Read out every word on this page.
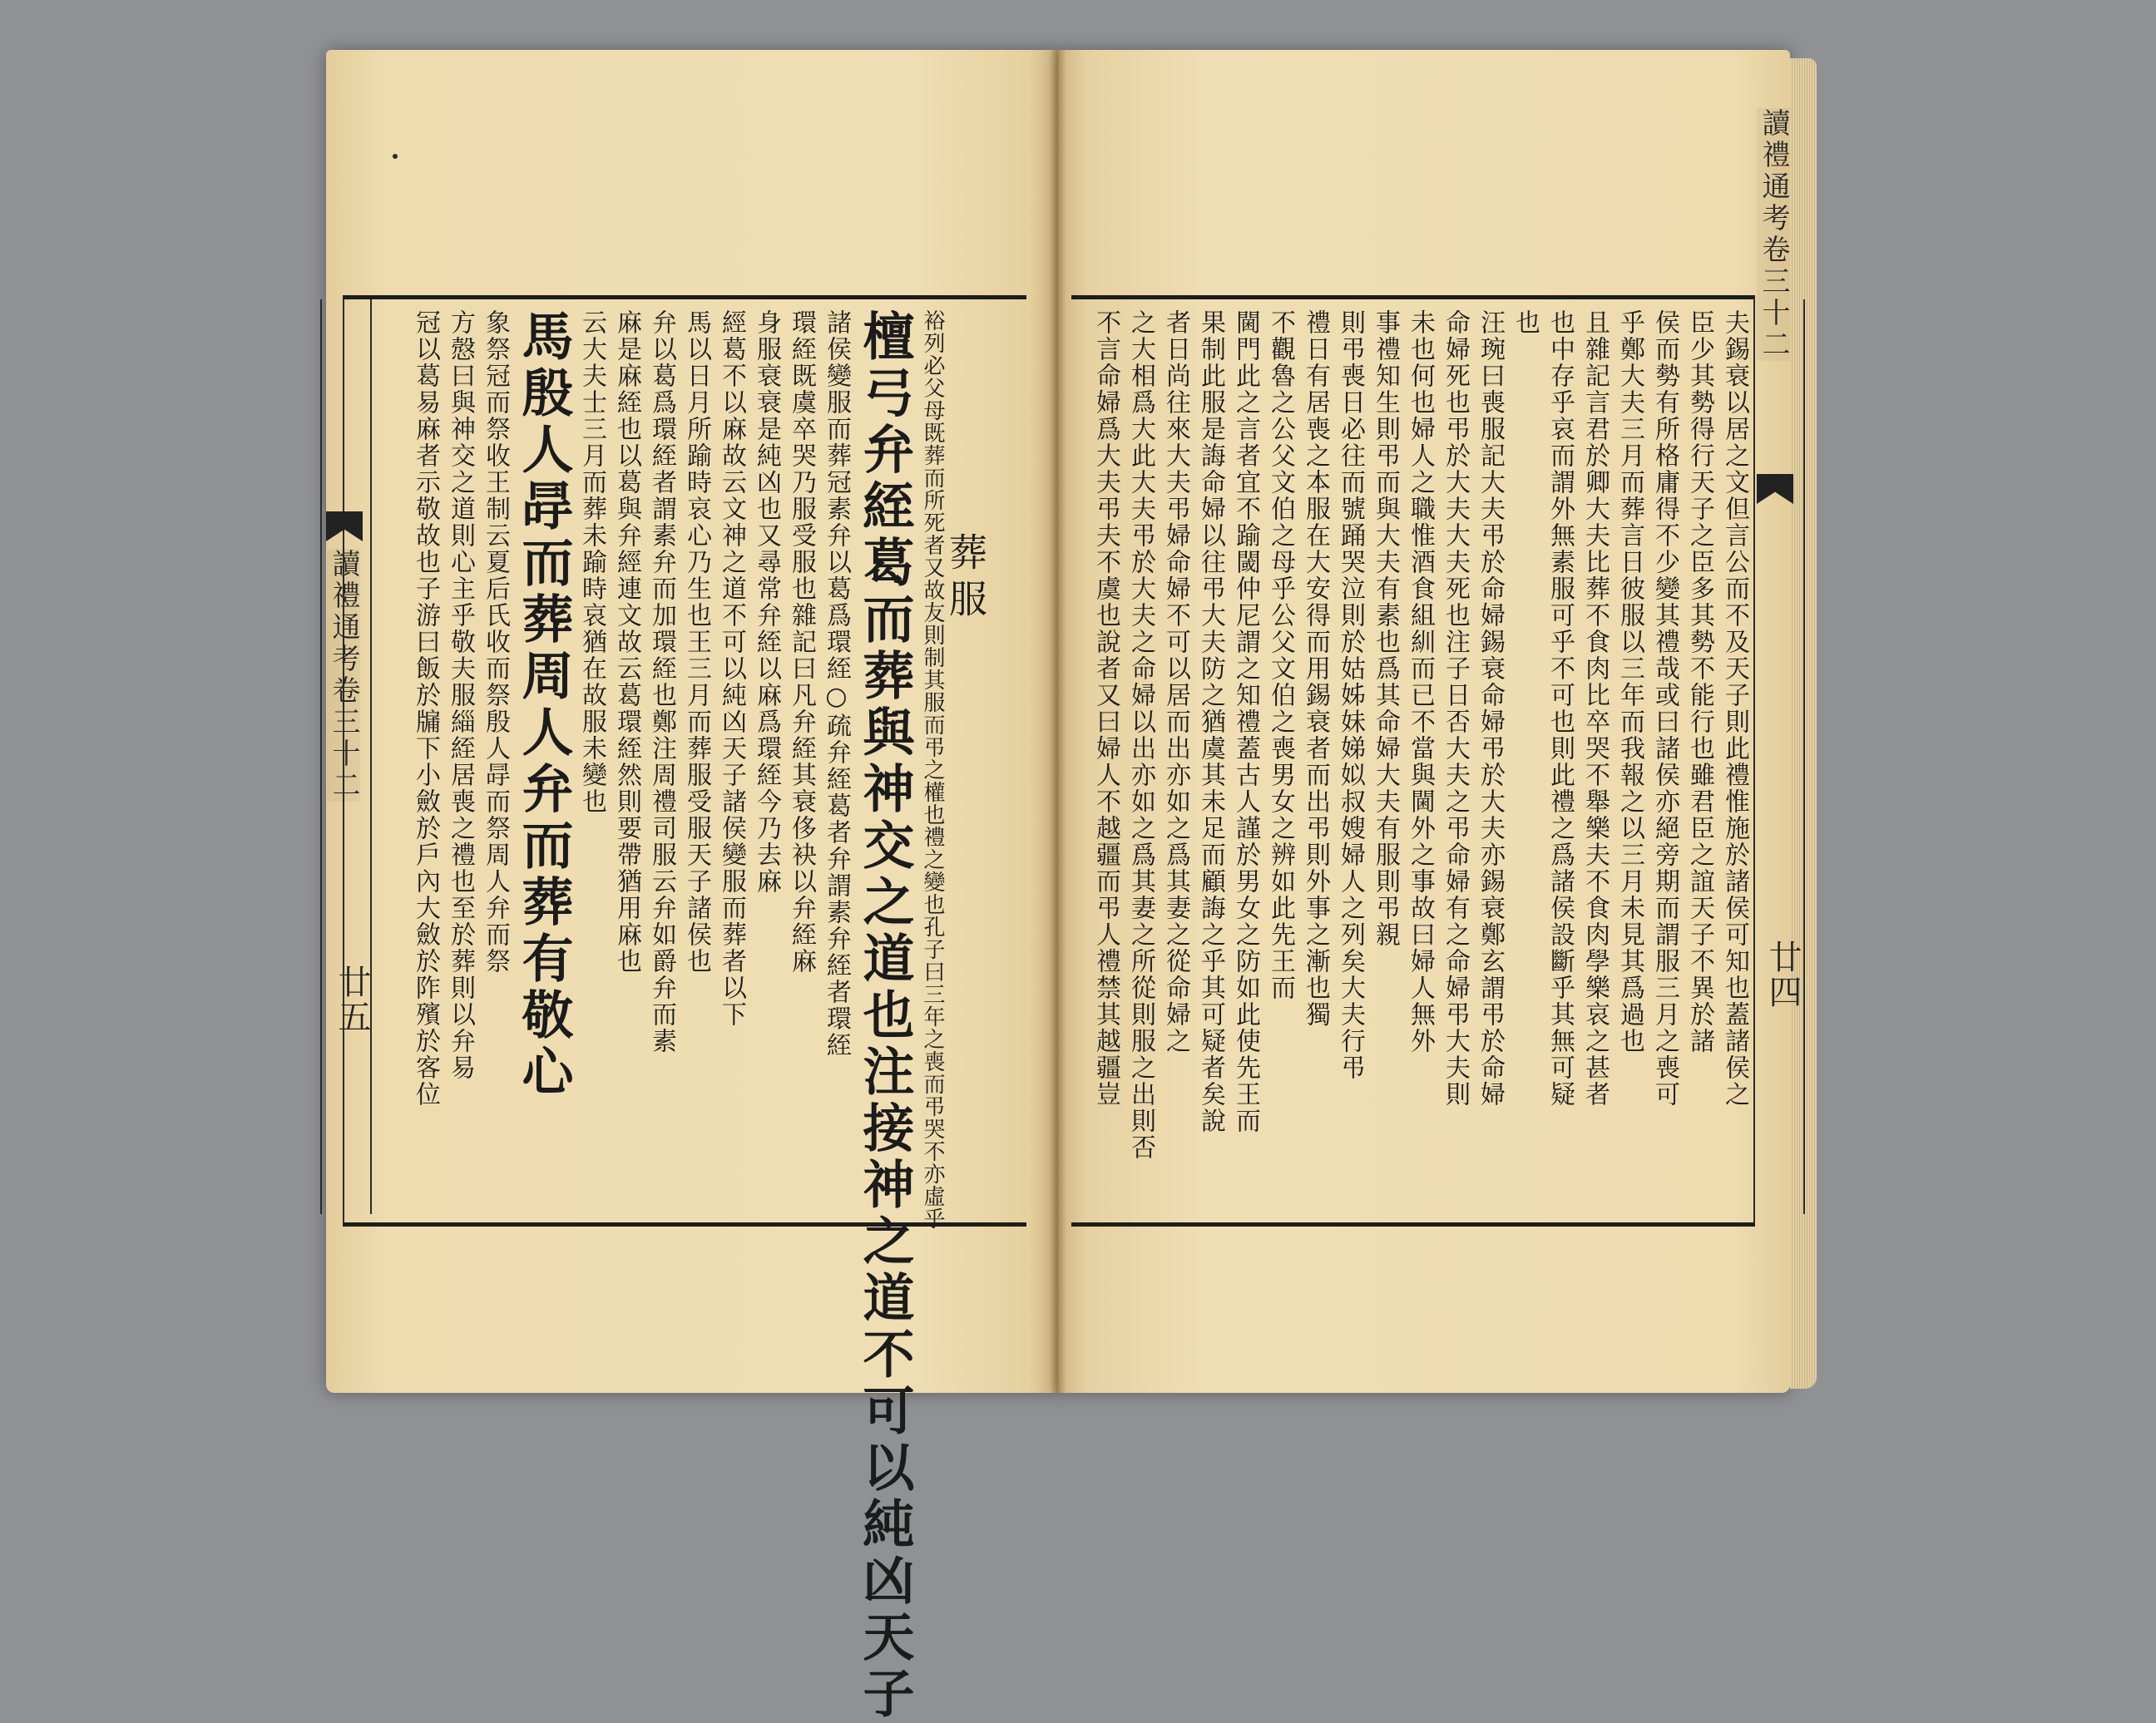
讀禮通考卷三十二
讀禮通考卷三十二
廿五	廿四
葬服
裕列必父母既葬而所死者又故友則制其服而弔之權也禮之變也孔子曰三年之喪而弔哭不亦虛乎
檀弓弁絰葛而葬與神交之道也注接神之道不可以純凶天子
諸侯變服而葬冠素弁以葛爲環絰○疏弁絰葛者弁謂素弁絰者環絰
環絰既虞卒哭乃服受服也雜記曰凡弁絰其衰侈袂以弁絰麻
身服衰衰是純凶也又尋常弁絰以麻爲環絰今乃去麻
經葛不以麻故云文神之道不可以純凶天子諸侯變服而葬者以下
馬以日月所踰時哀心乃生也王三月而葬服受服天子諸侯也
弁以葛爲環絰者謂素弁而加環絰也鄭注周禮司服云弁如爵弁而素
麻是麻絰也以葛與弁經連文故云葛環絰然則要帶猶用麻也
云大夫士三月而葬未踰時哀猶在故服未變也
馬殷人冔而葬周人弁而葬有敬心
象祭冠而祭收王制云夏后氏收而祭殷人冔而祭周人弁而祭
方慤曰與神交之道則心主乎敬夫服緇絰居喪之禮也至於葬則以弁易
冠以葛易麻者示敬故也子游曰飯於牖下小斂於戶內大斂於阼殯於客位	夫錫衰以居之文但言公而不及天子則此禮惟施於諸侯可知也蓋諸侯之
臣少其勢得行天子之臣多其勢不能行也雖君臣之誼天子不異於諸
侯而勢有所格庸得不少變其禮哉或曰諸侯亦絕旁期而謂服三月之喪可
乎鄭大夫三月而葬言日彼服以三年而我報之以三月未見其爲過也
且雜記言君於卿大夫比葬不食肉比卒哭不舉樂夫不食肉學樂哀之甚者
也中存乎哀而謂外無素服可乎不可也則此禮之爲諸侯設斷乎其無可疑
也
汪琬曰喪服記大夫弔於命婦錫衰命婦弔於大夫亦錫衰鄭玄謂弔於命婦
命婦死也弔於大夫大夫死也注子日否大夫之弔命婦有之命婦弔大夫則
未也何也婦人之職惟酒食組紃而已不當與閫外之事故曰婦人無外
事禮知生則弔而與大夫有素也爲其命婦大夫有服則弔親
則弔喪日必往而號踊哭泣則於姑姊妹娣姒叔嫂婦人之列矣大夫行弔
禮日有居喪之本服在大安得而用錫衰者而出弔則外事之漸也獨
不觀魯之公父文伯之母乎公父文伯之喪男女之辨如此先王而
閫門此之言者宜不踰閾仲尼謂之知禮蓋古人謹於男女之防如此使先王而
果制此服是誨命婦以往弔大夫防之猶虞其未足而顧誨之乎其可疑者矣說
者日尚往來大夫弔婦命婦不可以居而出亦如之爲其妻之從命婦之
之大相爲大此大夫弔於大夫之命婦以出亦如之爲其妻之所從則服之出則否
不言命婦爲大夫弔夫不虞也說者又曰婦人不越疆而弔人禮禁其越疆豈
